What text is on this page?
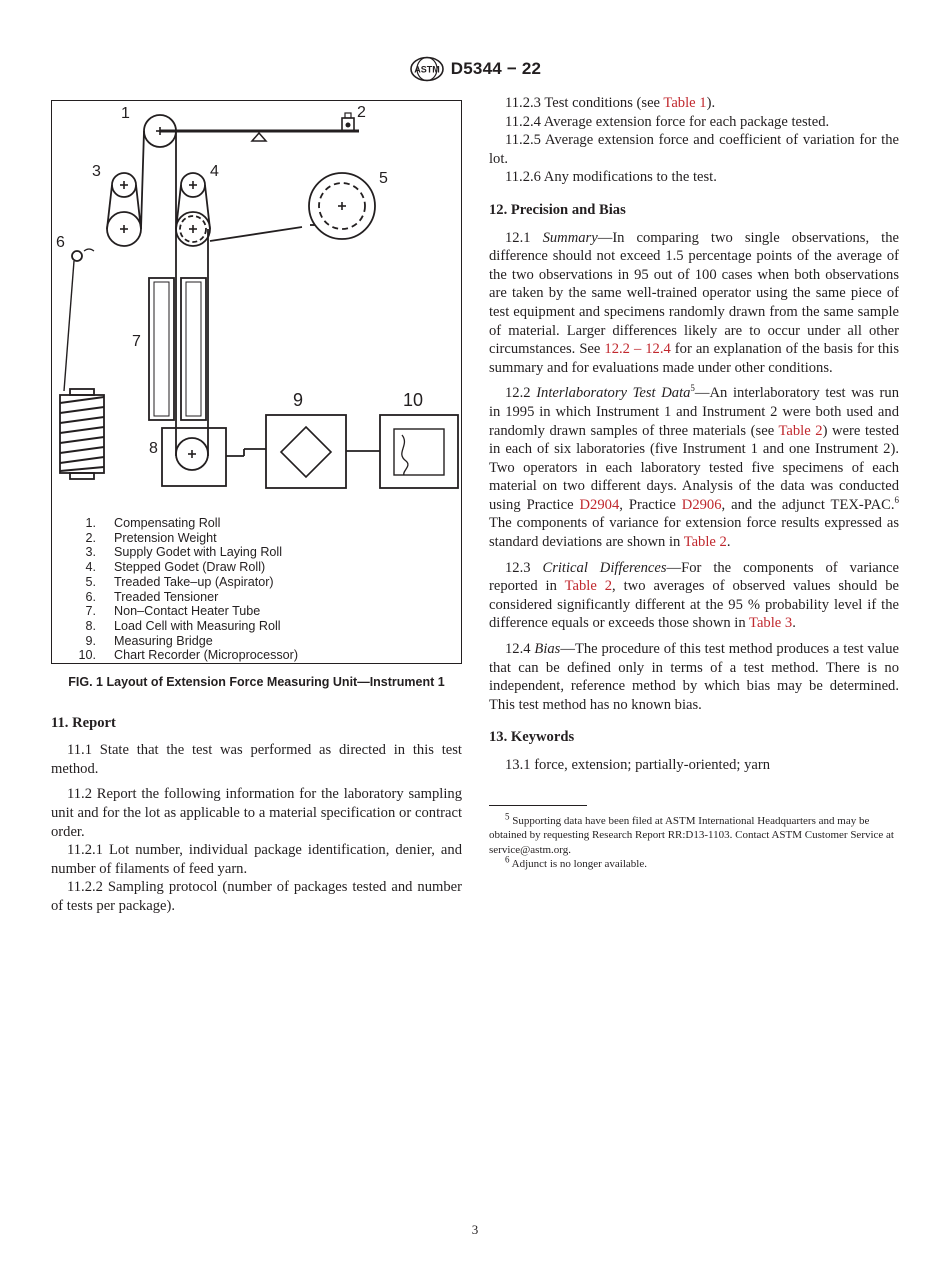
ASTM D5344 − 22
1	2
3	4	5
6
7
8
9	10
1. Compensating Roll
2. Pretension Weight
3. Supply Godet with Laying Roll
4. Stepped Godet (Draw Roll)
5. Treaded Take–up (Aspirator)
6. Treaded Tensioner
7. Non–Contact Heater Tube
8. Load Cell with Measuring Roll
9. Measuring Bridge
10. Chart Recorder (Microprocessor)
FIG. 1 Layout of Extension Force Measuring Unit—Instrument 1
11. Report

11.1 State that the test was performed as directed in this test method.

11.2 Report the following information for the laboratory sampling unit and for the lot as applicable to a material specification or contract order.

11.2.1 Lot number, individual package identification, denier, and number of filaments of feed yarn.

11.2.2 Sampling protocol (number of packages tested and number of tests per package).

11.2.3 Test conditions (see Table 1).

11.2.4 Average extension force for each package tested.

11.2.5 Average extension force and coefficient of variation for the lot.

11.2.6 Any modifications to the test.

12. Precision and Bias

12.1 Summary—In comparing two single observations, the difference should not exceed 1.5 percentage points of the average of the two observations in 95 out of 100 cases when both observations are taken by the same well-trained operator using the same piece of test equipment and specimens randomly drawn from the same sample of material. Larger differences likely are to occur under all other circumstances. See 12.2 – 12.4 for an explanation of the basis for this summary and for evaluations made under other conditions.

12.2 Interlaboratory Test Data$^5$—An interlaboratory test was run in 1995 in which Instrument 1 and Instrument 2 were both used and randomly drawn samples of three materials (see Table 2) were tested in each of six laboratories (five Instrument 1 and one Instrument 2). Two operators in each laboratory tested five specimens of each material on two different days. Analysis of the data was conducted using Practice D2904, Practice D2906, and the adjunct TEX-PAC.$^6$ The components of variance for extension force results expressed as standard deviations are shown in Table 2.

12.3 Critical Differences—For the components of variance reported in Table 2, two averages of observed values should be considered significantly different at the 95 % probability level if the difference equals or exceeds those shown in Table 3.

12.4 Bias—The procedure of this test method produces a test value that can be defined only in terms of a test method. There is no independent, reference method by which bias may be determined. This test method has no known bias.

13. Keywords

13.1 force, extension; partially-oriented; yarn

$^5$ Supporting data have been filed at ASTM International Headquarters and may be obtained by requesting Research Report RR:D13-1103. Contact ASTM Customer Service at service@astm.org.

$^6$ Adjunct is no longer available.

3
